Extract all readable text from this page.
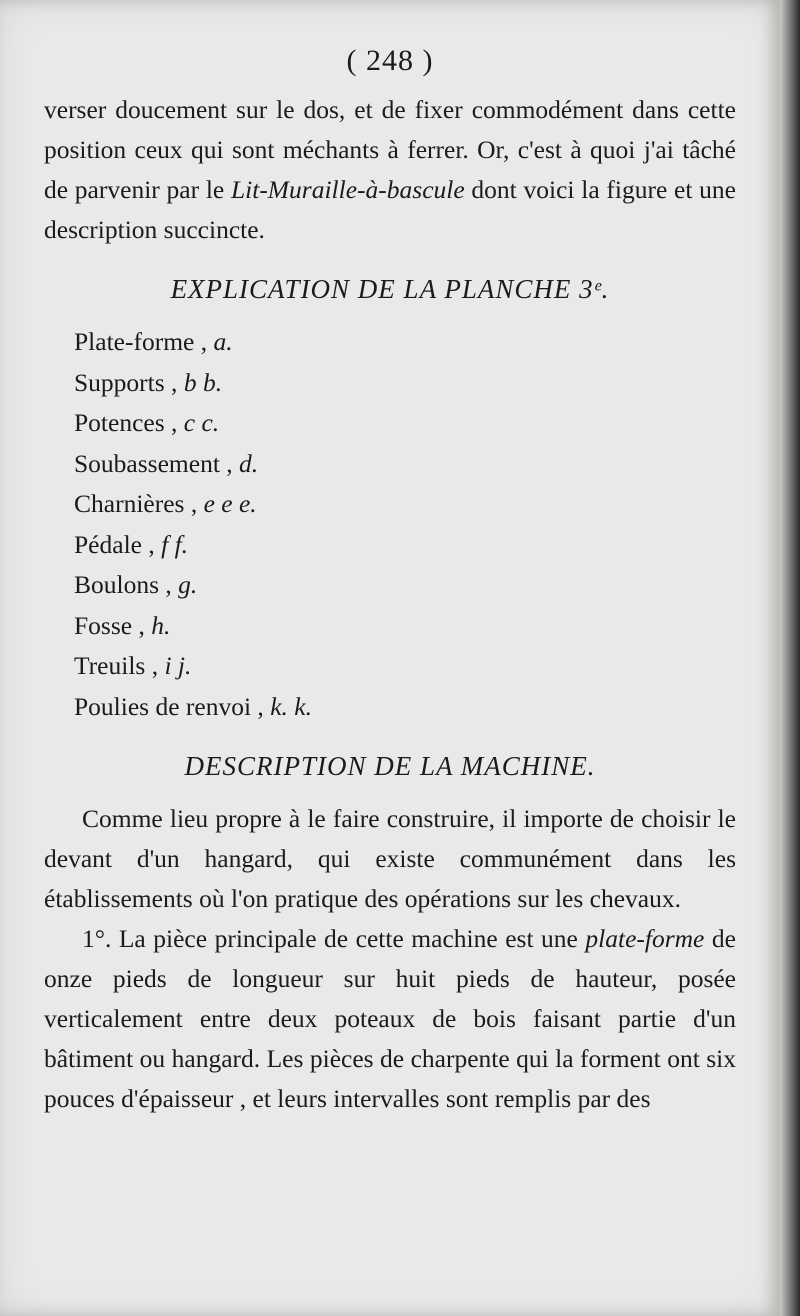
( 248 )

verser doucement sur le dos, et de fixer commodément dans cette position ceux qui sont méchants à ferrer. Or, c'est à quoi j'ai tâché de parvenir par le Lit-Muraille-à-bascule dont voici la figure et une description succincte.

EXPLICATION DE LA PLANCHE 3ᵉ.
Plate-forme , a.
Supports , b b.
Potences , c c.
Soubassement , d.
Charnières , e e e.
Pédale , f f.
Boulons , g.
Fosse , h.
Treuils , i j.
Poulies de renvoi , k. k.
DESCRIPTION DE LA MACHINE.

Comme lieu propre à le faire construire, il importe de choisir le devant d'un hangard, qui existe communément dans les établissements où l'on pratique des opérations sur les chevaux.

1°. La pièce principale de cette machine est une plate-forme de onze pieds de longueur sur huit pieds de hauteur, posée verticalement entre deux poteaux de bois faisant partie d'un bâtiment ou hangard. Les pièces de charpente qui la forment ont six pouces d'épaisseur , et leurs intervalles sont remplis par des
